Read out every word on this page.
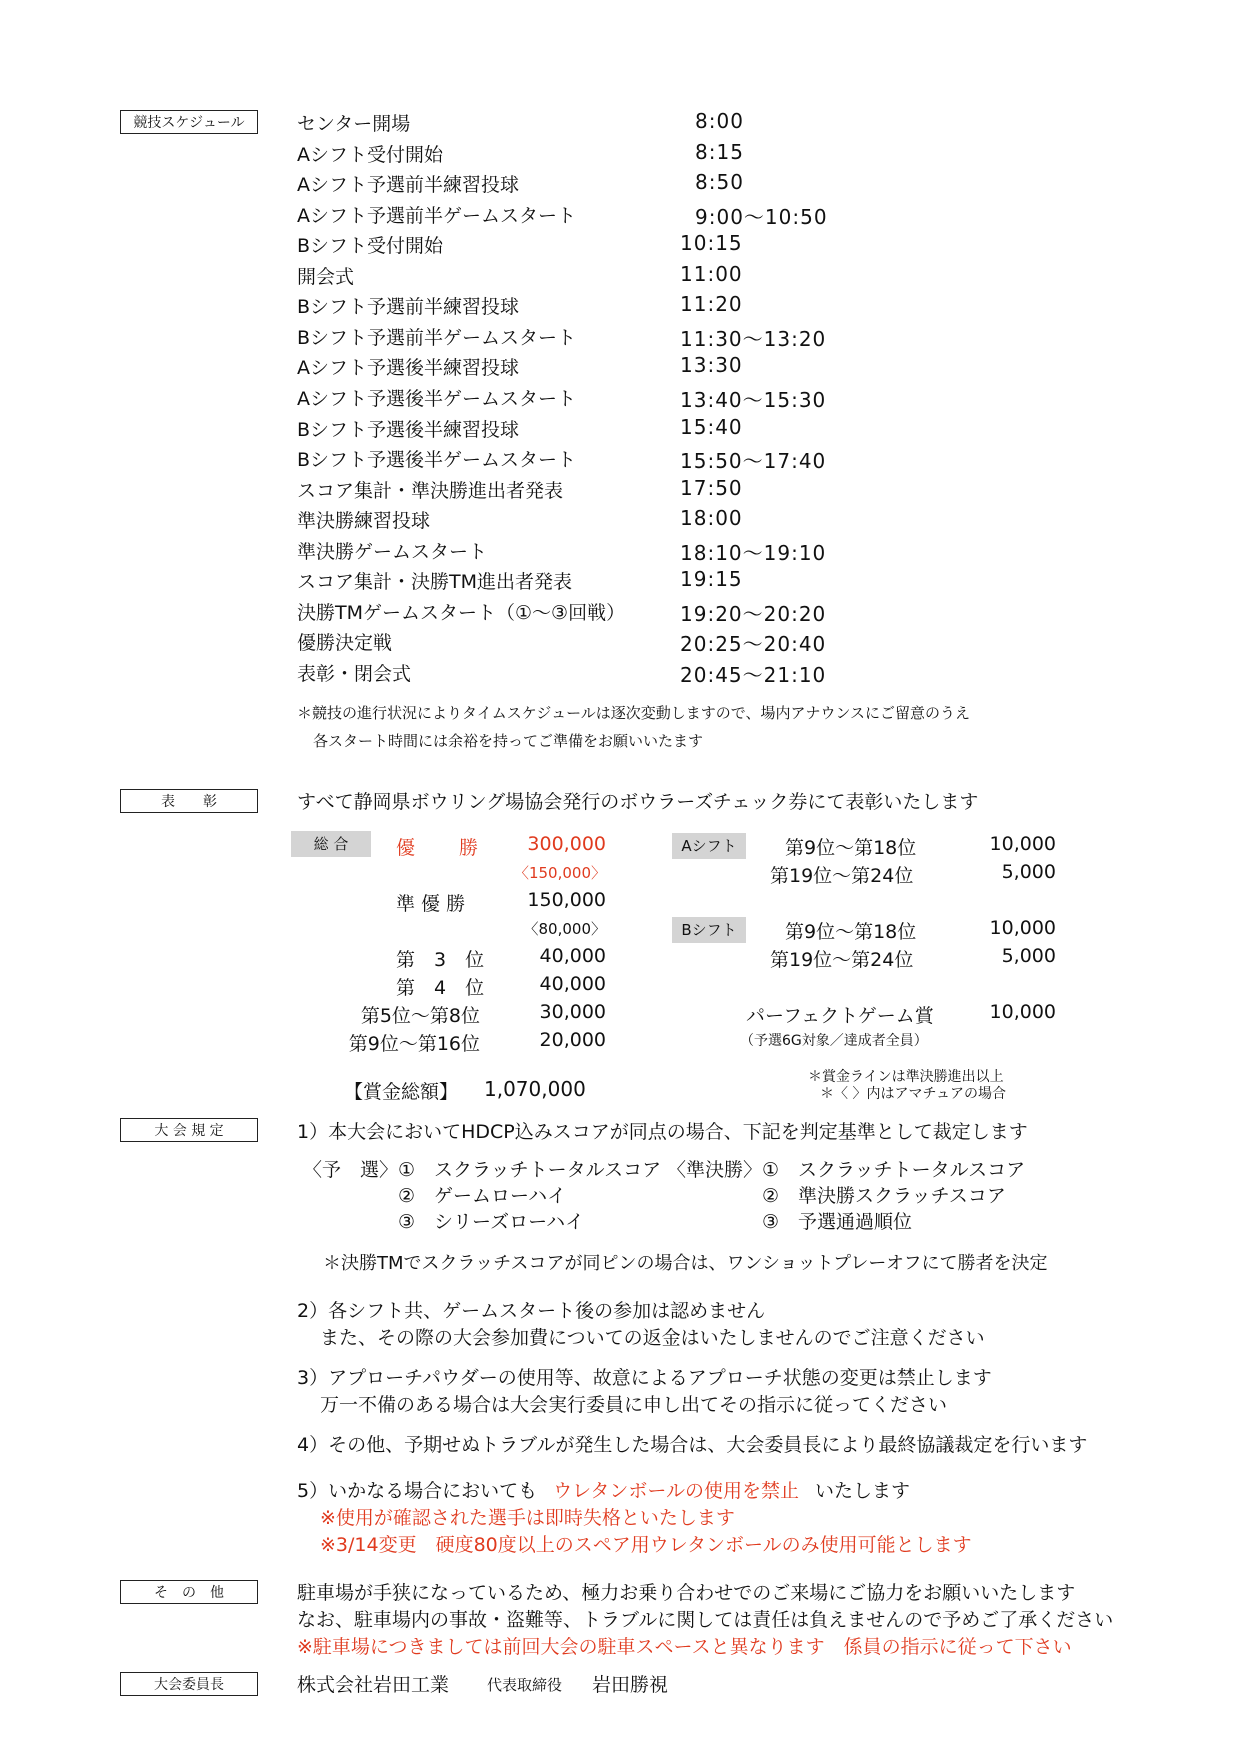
競技スケジュール
表　　彰
大 会 規 定
そ　の　他
大会委員長
センター開場	8:00
Aシフト受付開始	8:15
Aシフト予選前半練習投球	8:50
Aシフト予選前半ゲームスタート	9:00～10:50
Bシフト受付開始	10:15
開会式	11:00
Bシフト予選前半練習投球	11:20
Bシフト予選前半ゲームスタート	11:30～13:20
Aシフト予選後半練習投球	13:30
Aシフト予選後半ゲームスタート	13:40～15:30
Bシフト予選後半練習投球	15:40
Bシフト予選後半ゲームスタート	15:50～17:40
スコア集計・準決勝進出者発表	17:50
準決勝練習投球	18:00
準決勝ゲームスタート	18:10～19:10
スコア集計・決勝TM進出者発表	19:15
決勝TMゲームスタート（①～③回戦）	19:20～20:20
優勝決定戦	20:25～20:40
表彰・閉会式	20:45～21:10
＊競技の進行状況によりタイムスケジュールは逐次変動しますので、場内アナウンスにご留意のうえ
各スタート時間には余裕を持ってご準備をお願いいたます
すべて静岡県ボウリング場協会発行のボウラーズチェック券にて表彰いたします
総 合	優　　勝	300,000
〈150,000〉
準 優 勝	150,000
〈80,000〉
第　3　位	40,000
第　4　位	40,000
第5位～第8位	30,000
第9位～第16位	20,000
【賞金総額】 1,070,000
Aシフト	第9位～第18位	10,000
第19位～第24位	5,000
Bシフト	第9位～第18位	10,000
第19位～第24位	5,000
パーフェクトゲーム賞	10,000
（予選6G対象／達成者全員）
＊賞金ラインは準決勝進出以上
＊〈 〉内はアマチュアの場合
1）本大会においてHDCP込みスコアが同点の場合、下記を判定基準として裁定します
〈予　選〉 ①　スクラッチトータルスコア
②　ゲームローハイ
③　シリーズローハイ
〈準決勝〉 ①　スクラッチトータルスコア
②　準決勝スクラッチスコア
③　予選通過順位
＊決勝TMでスクラッチスコアが同ピンの場合は、ワンショットプレーオフにて勝者を決定
2）各シフト共、ゲームスタート後の参加は認めません
また、その際の大会参加費についての返金はいたしませんのでご注意ください
3）アプローチパウダーの使用等、故意によるアプローチ状態の変更は禁止します
万一不備のある場合は大会実行委員に申し出てその指示に従ってください
4）その他、予期せぬトラブルが発生した場合は、大会委員長により最終協議裁定を行います
5）いかなる場合においても ウレタンボールの使用を禁止 いたします
※使用が確認された選手は即時失格といたします
※3/14変更　硬度80度以上のスペア用ウレタンボールのみ使用可能とします
駐車場が手狭になっているため、極力お乗り合わせでのご来場にご協力をお願いいたします
なお、駐車場内の事故・盗難等、トラブルに関しては責任は負えませんので予めご了承ください
※駐車場につきましては前回大会の駐車スペースと異なります　係員の指示に従って下さい
株式会社岩田工業	代表取締役 岩田勝視
